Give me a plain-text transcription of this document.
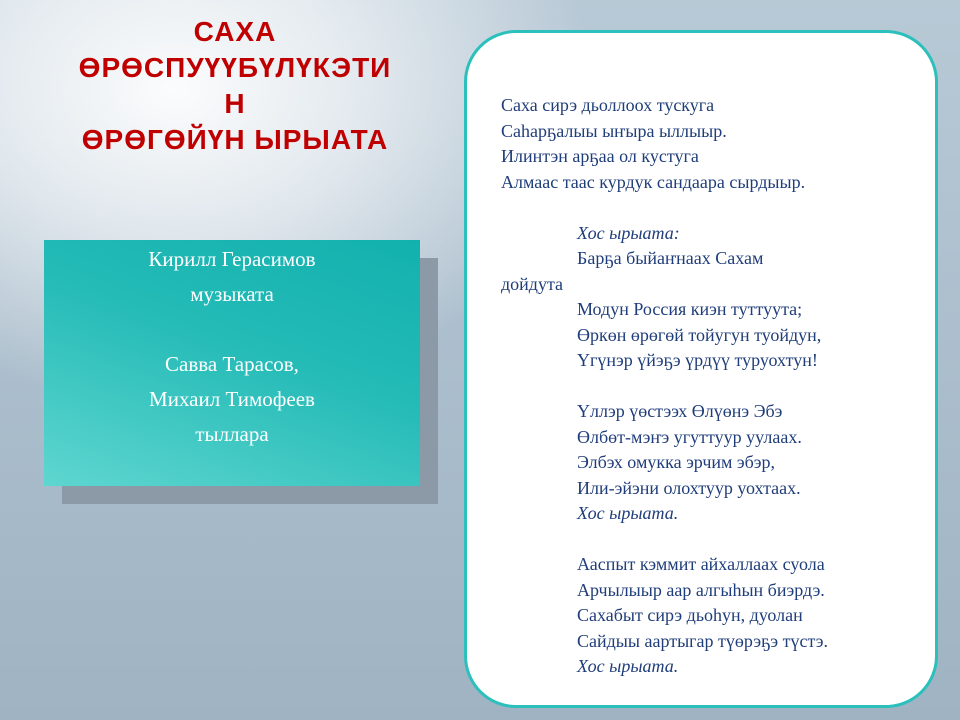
САХА
ӨРӨСПУҮҮБҮЛҮКЭТИ
Н
ӨРӨГӨЙҮН ЫРЫАТА
Кирилл Герасимов
музыката
Савва Тарасов,
Михаил Тимофеев
тыллара
Саха сирэ дьоллоох тускуга
Саһарҕалыы ыҥыра ыллыыр.
Илинтэн арҕаа ол кустуга
Алмаас таас курдук сандаара сырдыыр.
Хос ырыата:
Барҕа быйаҥнаах Сахам
дойдута
Модун Россия киэн туттуута;
Өркөн өрөгөй тойугун туойдун,
Үгүнэр үйэҕэ үрдүү туруохтун!
Үллэр үөстээх Өлүөнэ Эбэ
Өлбөт-мэҥэ угуттуур уулаах.
Элбэх омукка эрчим эбэр,
Или-эйэни олохтуур уохтаах.
Хос ырыата.
Ааспыт кэммит айхаллаах суола
Арчылыыр аар алгыһын биэрдэ.
Сахабыт сирэ дьоһун, дуолан
Сайдыы аартыгар түөрэҕэ түстэ.
Хос ырыата.
